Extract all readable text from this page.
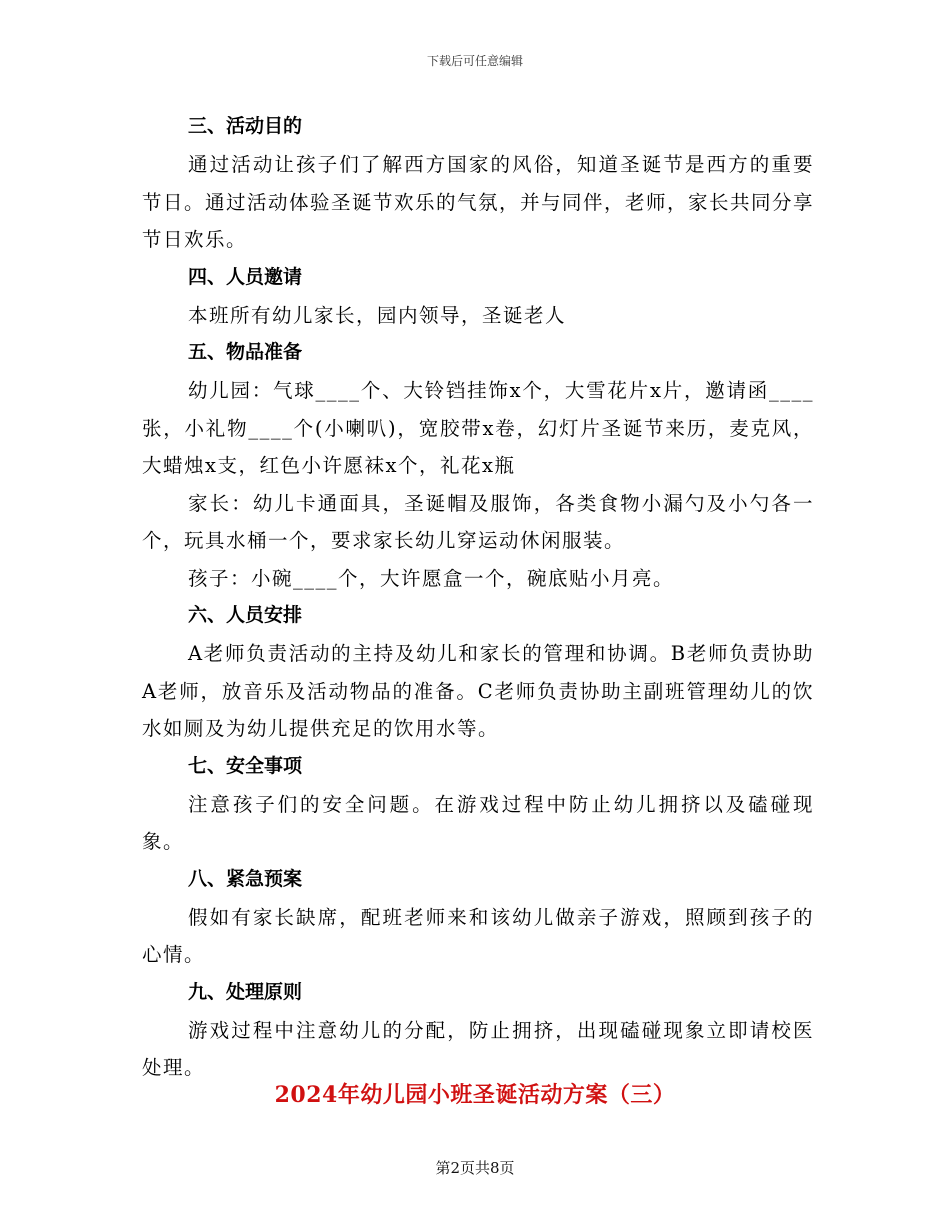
下载后可任意编辑
三、活动目的

通过活动让孩子们了解西方国家的风俗，知道圣诞节是西方的重要节日。通过活动体验圣诞节欢乐的气氛，并与同伴，老师，家长共同分享节日欢乐。

四、人员邀请

本班所有幼儿家长，园内领导，圣诞老人

五、物品准备

幼儿园：气球____个、大铃铛挂饰x个，大雪花片x片，邀请函____张，小礼物____个(小喇叭)，宽胶带x卷，幻灯片圣诞节来历，麦克风，大蜡烛x支，红色小许愿袜x个，礼花x瓶

家长：幼儿卡通面具，圣诞帽及服饰，各类食物小漏勺及小勺各一个，玩具水桶一个，要求家长幼儿穿运动休闲服装。

孩子：小碗____个，大许愿盒一个，碗底贴小月亮。

六、人员安排

A老师负责活动的主持及幼儿和家长的管理和协调。B老师负责协助A老师，放音乐及活动物品的准备。C老师负责协助主副班管理幼儿的饮水如厕及为幼儿提供充足的饮用水等。

七、安全事项

注意孩子们的安全问题。在游戏过程中防止幼儿拥挤以及磕碰现象。

八、紧急预案

假如有家长缺席，配班老师来和该幼儿做亲子游戏，照顾到孩子的心情。

九、处理原则

游戏过程中注意幼儿的分配，防止拥挤，出现磕碰现象立即请校医处理。

2024年幼儿园小班圣诞活动方案（三）
第2页共8页
